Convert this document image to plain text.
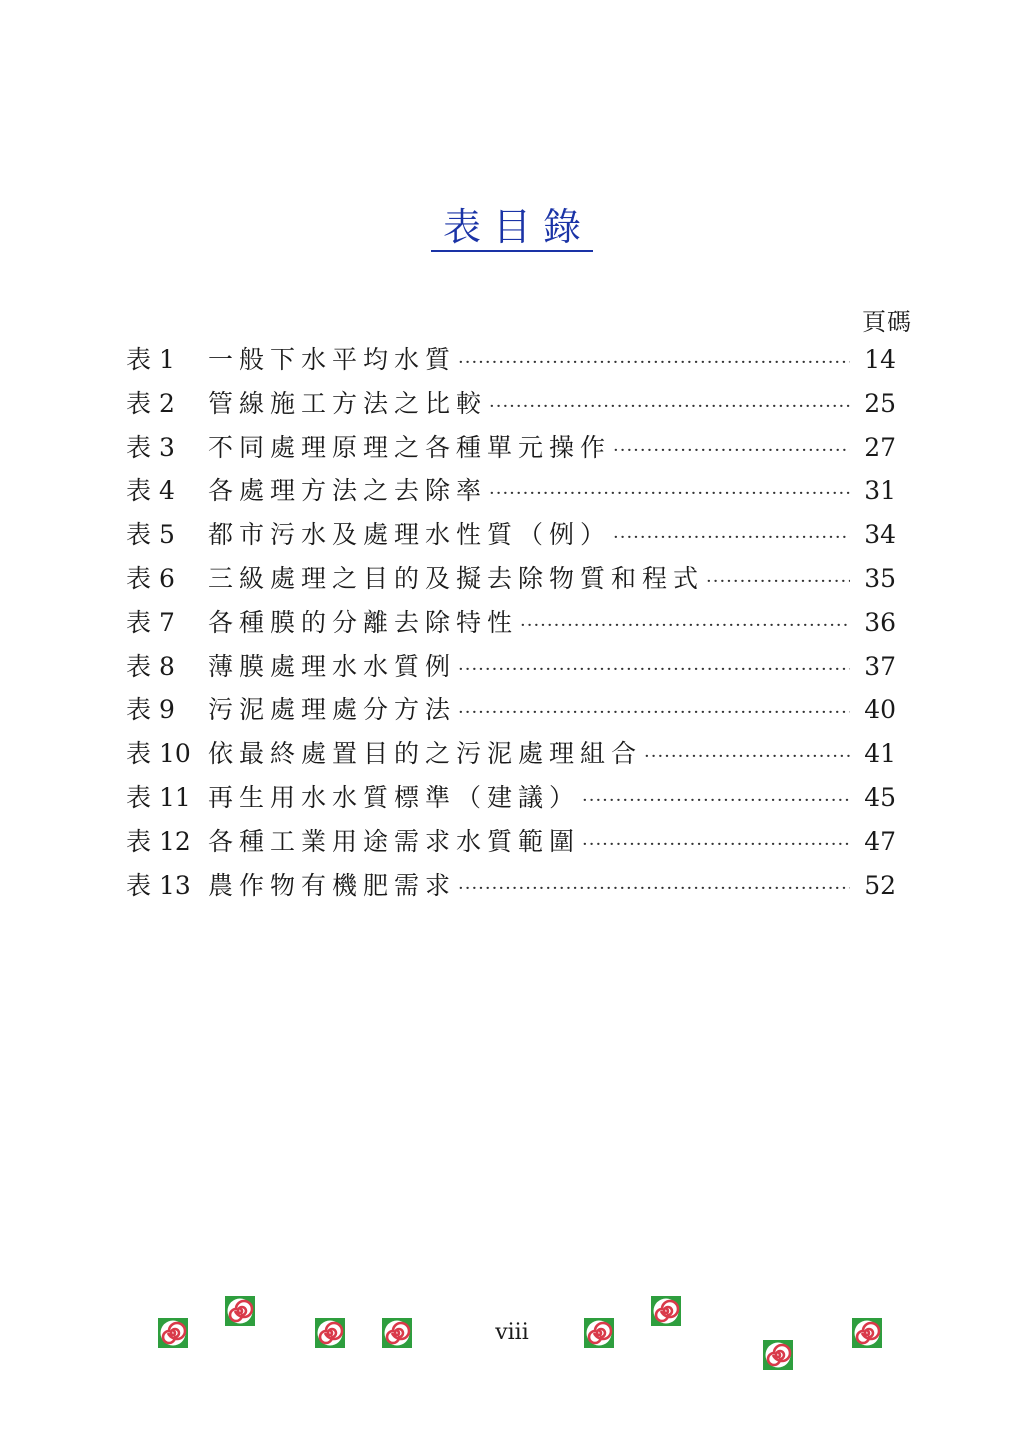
表目錄
頁碼
表 1	一般下水平均水質 ·····	14
表 2	管線施工方法之比較 ·····	25
表 3	不同處理原理之各種單元操作 ·····	27
表 4	各處理方法之去除率 ·····	31
表 5	都市污水及處理水性質（例） ·····	34
表 6	三級處理之目的及擬去除物質和程式 ·····	35
表 7	各種膜的分離去除特性 ·····	36
表 8	薄膜處理水水質例 ·····	37
表 9	污泥處理處分方法 ·····	40
表 10 依最終處置目的之污泥處理組合 ·····	41
表 11 再生用水水質標準（建議） ·····	45
表 12 各種工業用途需求水質範圍 ·····	47
表 13 農作物有機肥需求 ·····	52
viii
